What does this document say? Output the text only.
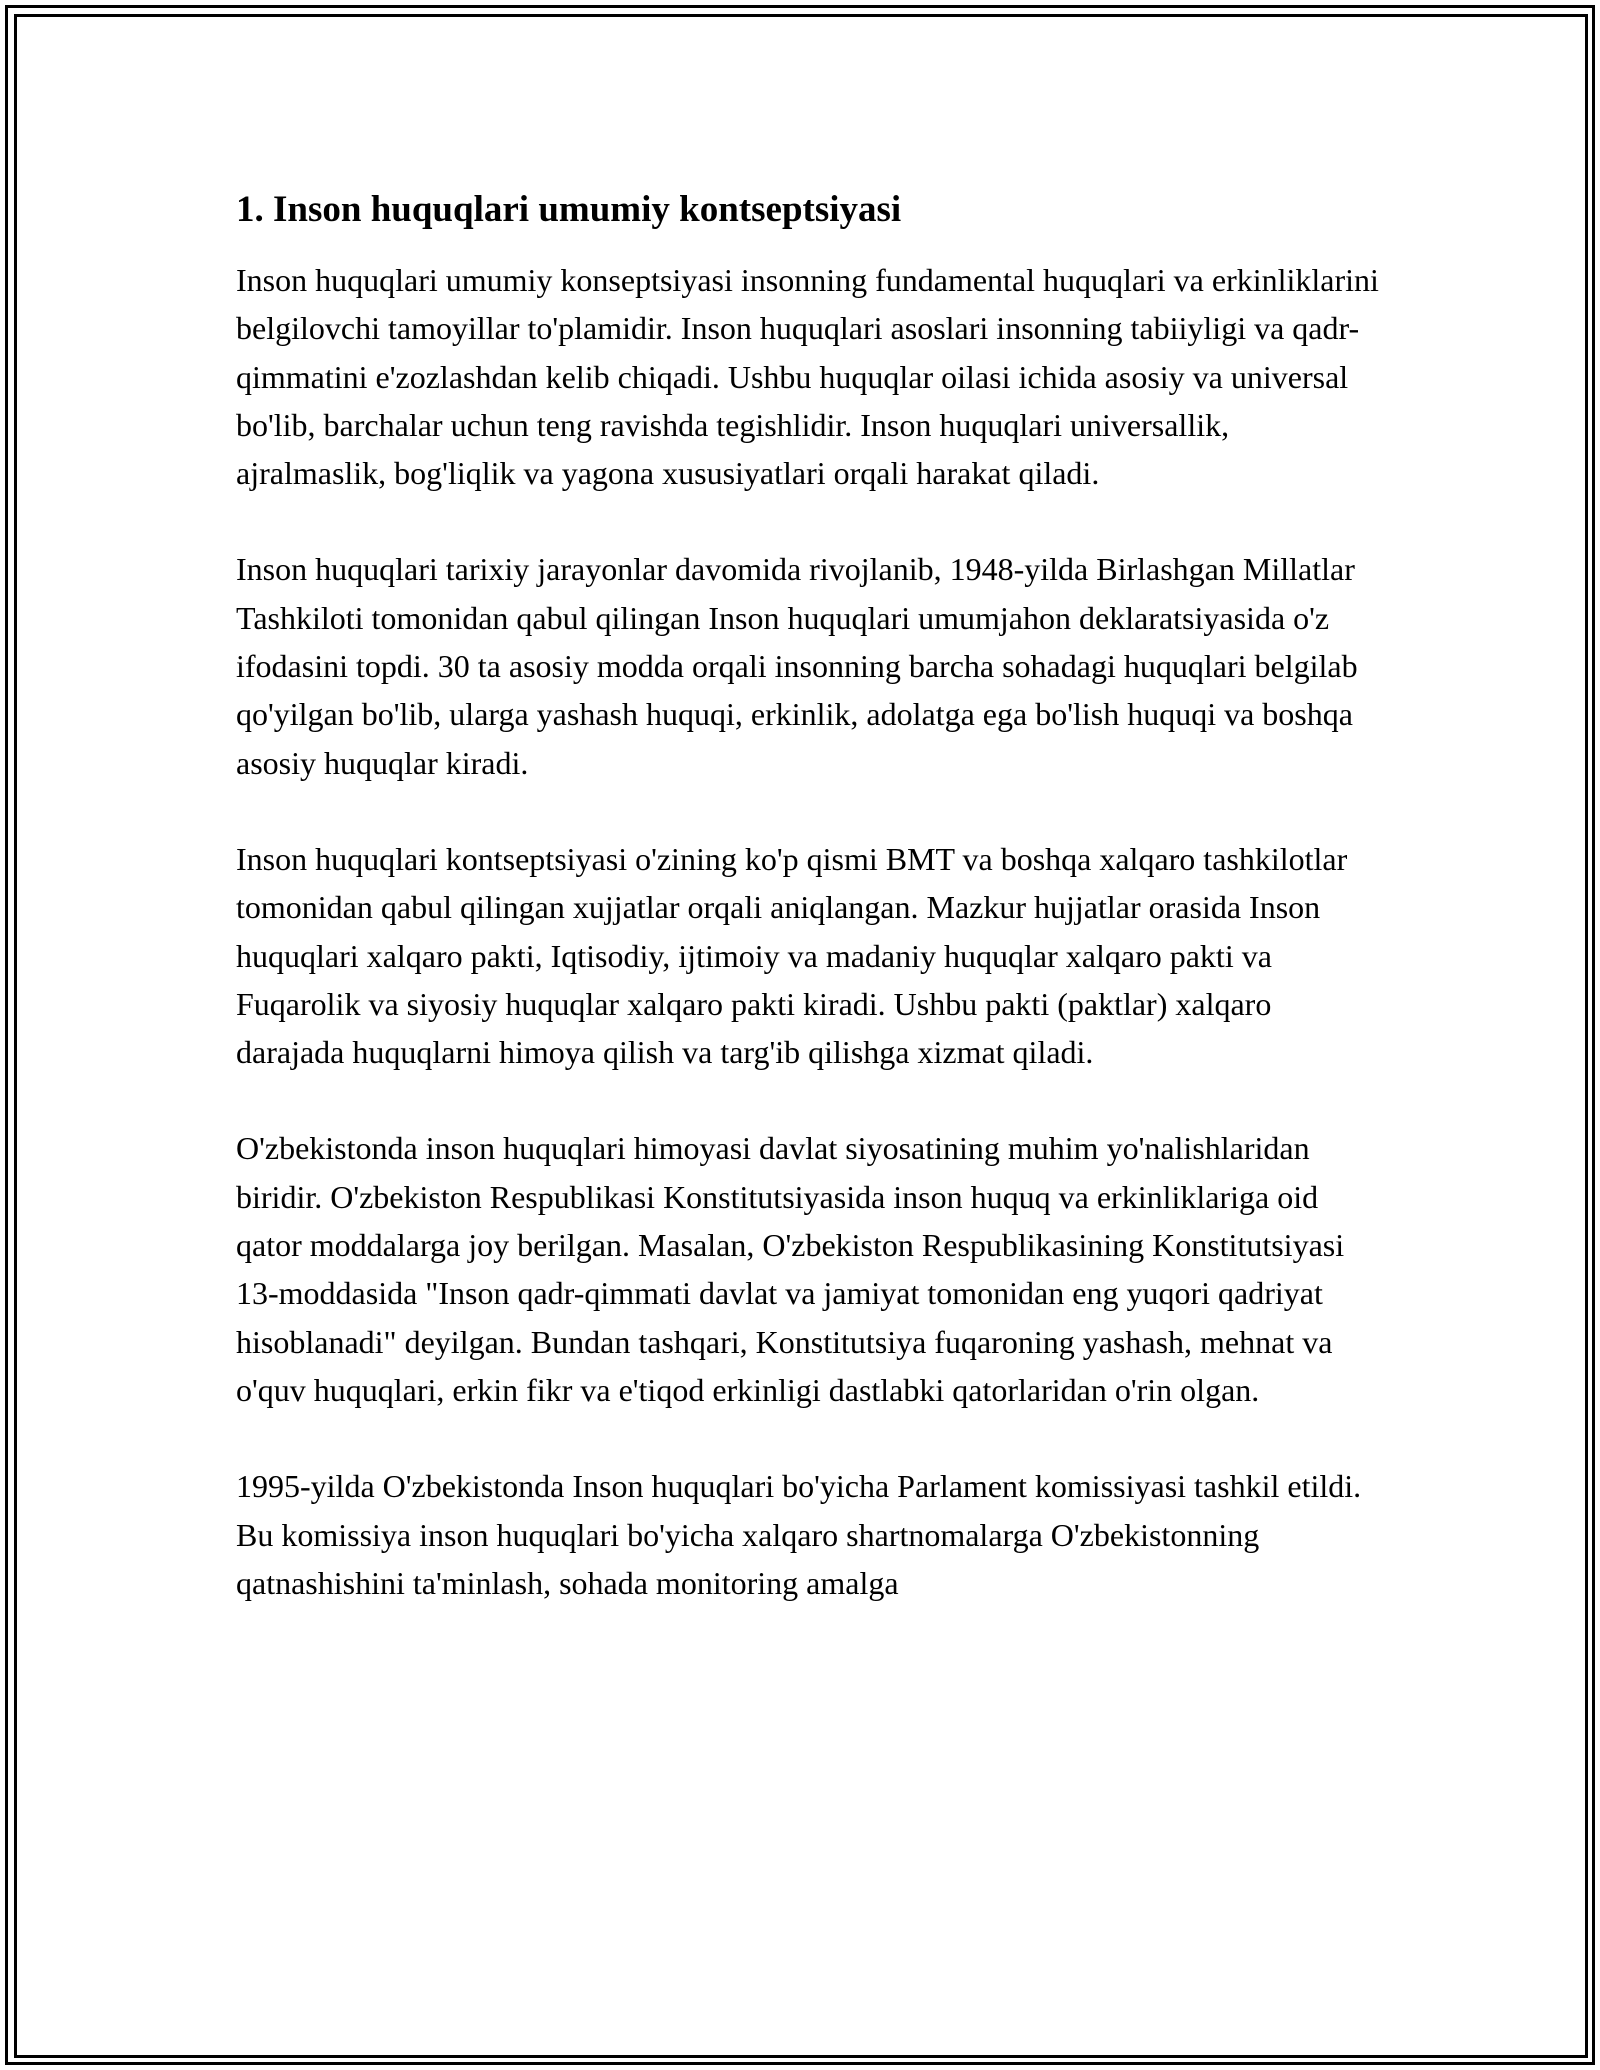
1. Inson huquqlari umumiy kontseptsiyasi

Inson huquqlari umumiy konseptsiyasi insonning fundamental huquqlari va erkinliklarini belgilovchi tamoyillar to'plamidir. Inson huquqlari asoslari insonning tabiiyligi va qadr-qimmatini e'zozlashdan kelib chiqadi. Ushbu huquqlar oilasi ichida asosiy va universal bo'lib, barchalar uchun teng ravishda tegishlidir. Inson huquqlari universallik, ajralmaslik, bog'liqlik va yagona xususiyatlari orqali harakat qiladi.

Inson huquqlari tarixiy jarayonlar davomida rivojlanib, 1948-yilda Birlashgan Millatlar Tashkiloti tomonidan qabul qilingan Inson huquqlari umumjahon deklaratsiyasida o'z ifodasini topdi. 30 ta asosiy modda orqali insonning barcha sohadagi huquqlari belgilab qo'yilgan bo'lib, ularga yashash huquqi, erkinlik, adolatga ega bo'lish huquqi va boshqa asosiy huquqlar kiradi.

Inson huquqlari kontseptsiyasi o'zining ko'p qismi BMT va boshqa xalqaro tashkilotlar tomonidan qabul qilingan xujjatlar orqali aniqlangan. Mazkur hujjatlar orasida Inson huquqlari xalqaro pakti, Iqtisodiy, ijtimoiy va madaniy huquqlar xalqaro pakti va Fuqarolik va siyosiy huquqlar xalqaro pakti kiradi. Ushbu pakti (paktlar) xalqaro darajada huquqlarni himoya qilish va targ'ib qilishga xizmat qiladi.

O'zbekistonda inson huquqlari himoyasi davlat siyosatining muhim yo'nalishlaridan biridir. O'zbekiston Respublikasi Konstitutsiyasida inson huquq va erkinliklariga oid qator moddalarga joy berilgan. Masalan, O'zbekiston Respublikasining Konstitutsiyasi 13-moddasida "Inson qadr-qimmati davlat va jamiyat tomonidan eng yuqori qadriyat hisoblanadi" deyilgan. Bundan tashqari, Konstitutsiya fuqaroning yashash, mehnat va o'quv huquqlari, erkin fikr va e'tiqod erkinligi dastlabki qatorlaridan o'rin olgan.

1995-yilda O'zbekistonda Inson huquqlari bo'yicha Parlament komissiyasi tashkil etildi. Bu komissiya inson huquqlari bo'yicha xalqaro shartnomalarga O'zbekistonning qatnashishini ta'minlash, sohada monitoring amalga
